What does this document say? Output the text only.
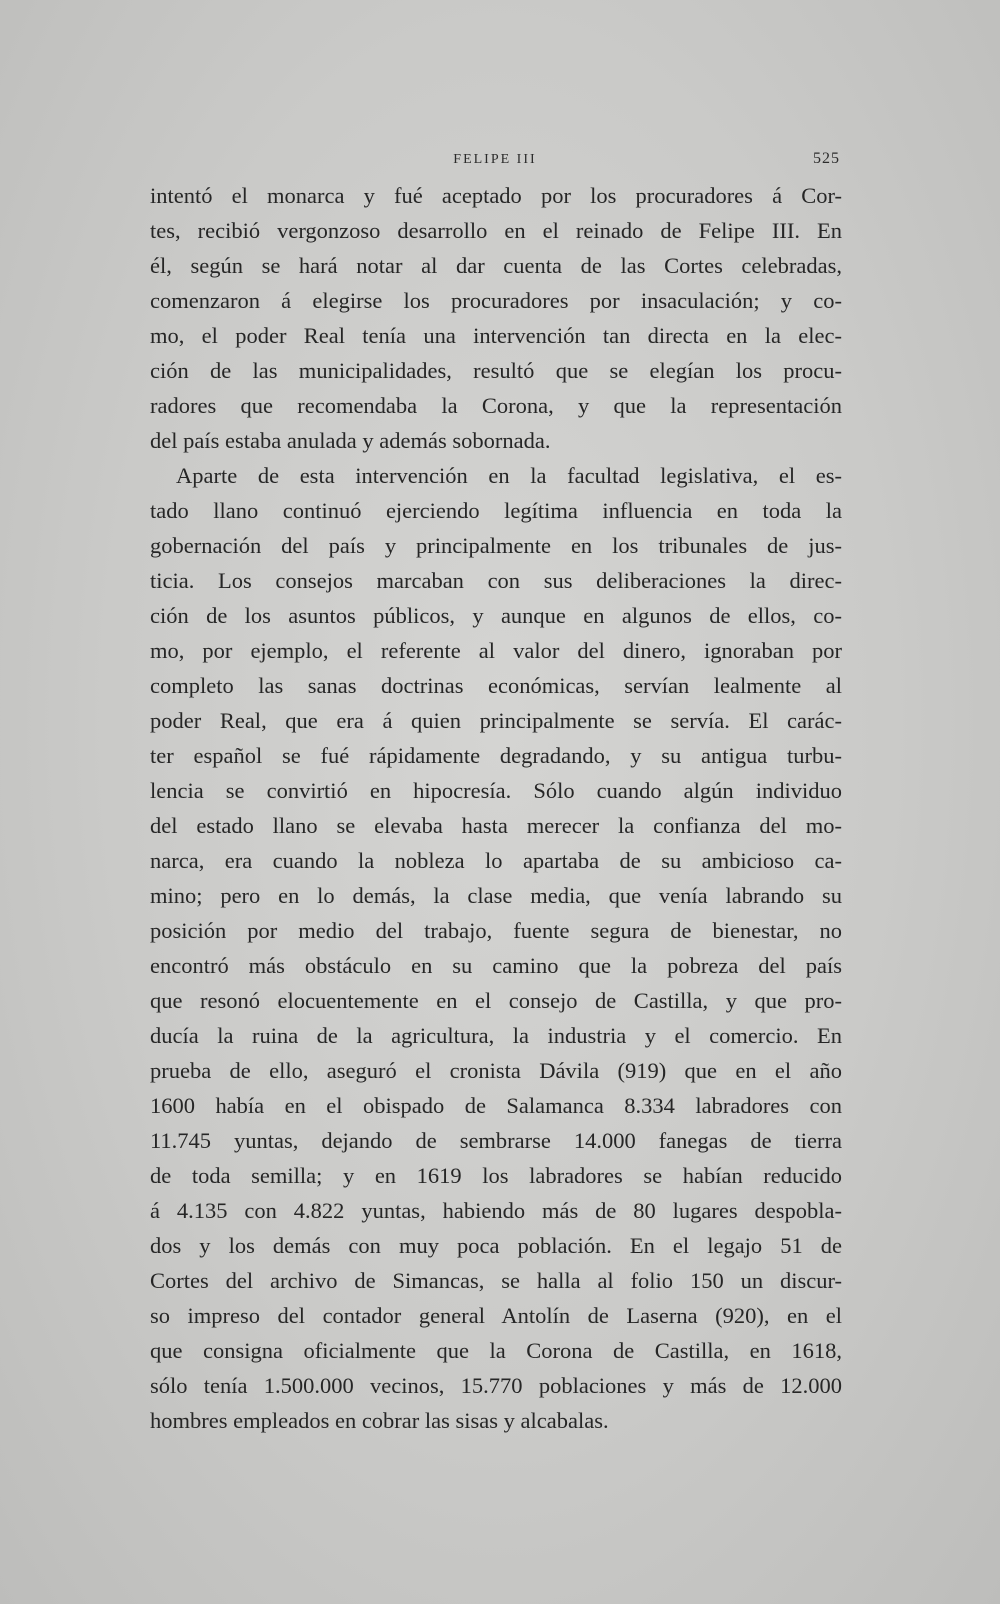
FELIPE III	525
intentó el monarca y fué aceptado por los procuradores á Cor-
tes, recibió vergonzoso desarrollo en el reinado de Felipe III. En
él, según se hará notar al dar cuenta de las Cortes celebradas,
comenzaron á elegirse los procuradores por insaculación; y co-
mo, el poder Real tenía una intervención tan directa en la elec-
ción de las municipalidades, resultó que se elegían los procu-
radores que recomendaba la Corona, y que la representación
del país estaba anulada y además sobornada.
Aparte de esta intervención en la facultad legislativa, el es-
tado llano continuó ejerciendo legítima influencia en toda la
gobernación del país y principalmente en los tribunales de jus-
ticia. Los consejos marcaban con sus deliberaciones la direc-
ción de los asuntos públicos, y aunque en algunos de ellos, co-
mo, por ejemplo, el referente al valor del dinero, ignoraban por
completo las sanas doctrinas económicas, servían lealmente al
poder Real, que era á quien principalmente se servía. El carác-
ter español se fué rápidamente degradando, y su antigua turbu-
lencia se convirtió en hipocresía. Sólo cuando algún individuo
del estado llano se elevaba hasta merecer la confianza del mo-
narca, era cuando la nobleza lo apartaba de su ambicioso ca-
mino; pero en lo demás, la clase media, que venía labrando su
posición por medio del trabajo, fuente segura de bienestar, no
encontró más obstáculo en su camino que la pobreza del país
que resonó elocuentemente en el consejo de Castilla, y que pro-
ducía la ruina de la agricultura, la industria y el comercio. En
prueba de ello, aseguró el cronista Dávila (919) que en el año
1600 había en el obispado de Salamanca 8.334 labradores con
11.745 yuntas, dejando de sembrarse 14.000 fanegas de tierra
de toda semilla; y en 1619 los labradores se habían reducido
á 4.135 con 4.822 yuntas, habiendo más de 80 lugares despobla-
dos y los demás con muy poca población. En el legajo 51 de
Cortes del archivo de Simancas, se halla al folio 150 un discur-
so impreso del contador general Antolín de Laserna (920), en el
que consigna oficialmente que la Corona de Castilla, en 1618,
sólo tenía 1.500.000 vecinos, 15.770 poblaciones y más de 12.000
hombres empleados en cobrar las sisas y alcabalas.
